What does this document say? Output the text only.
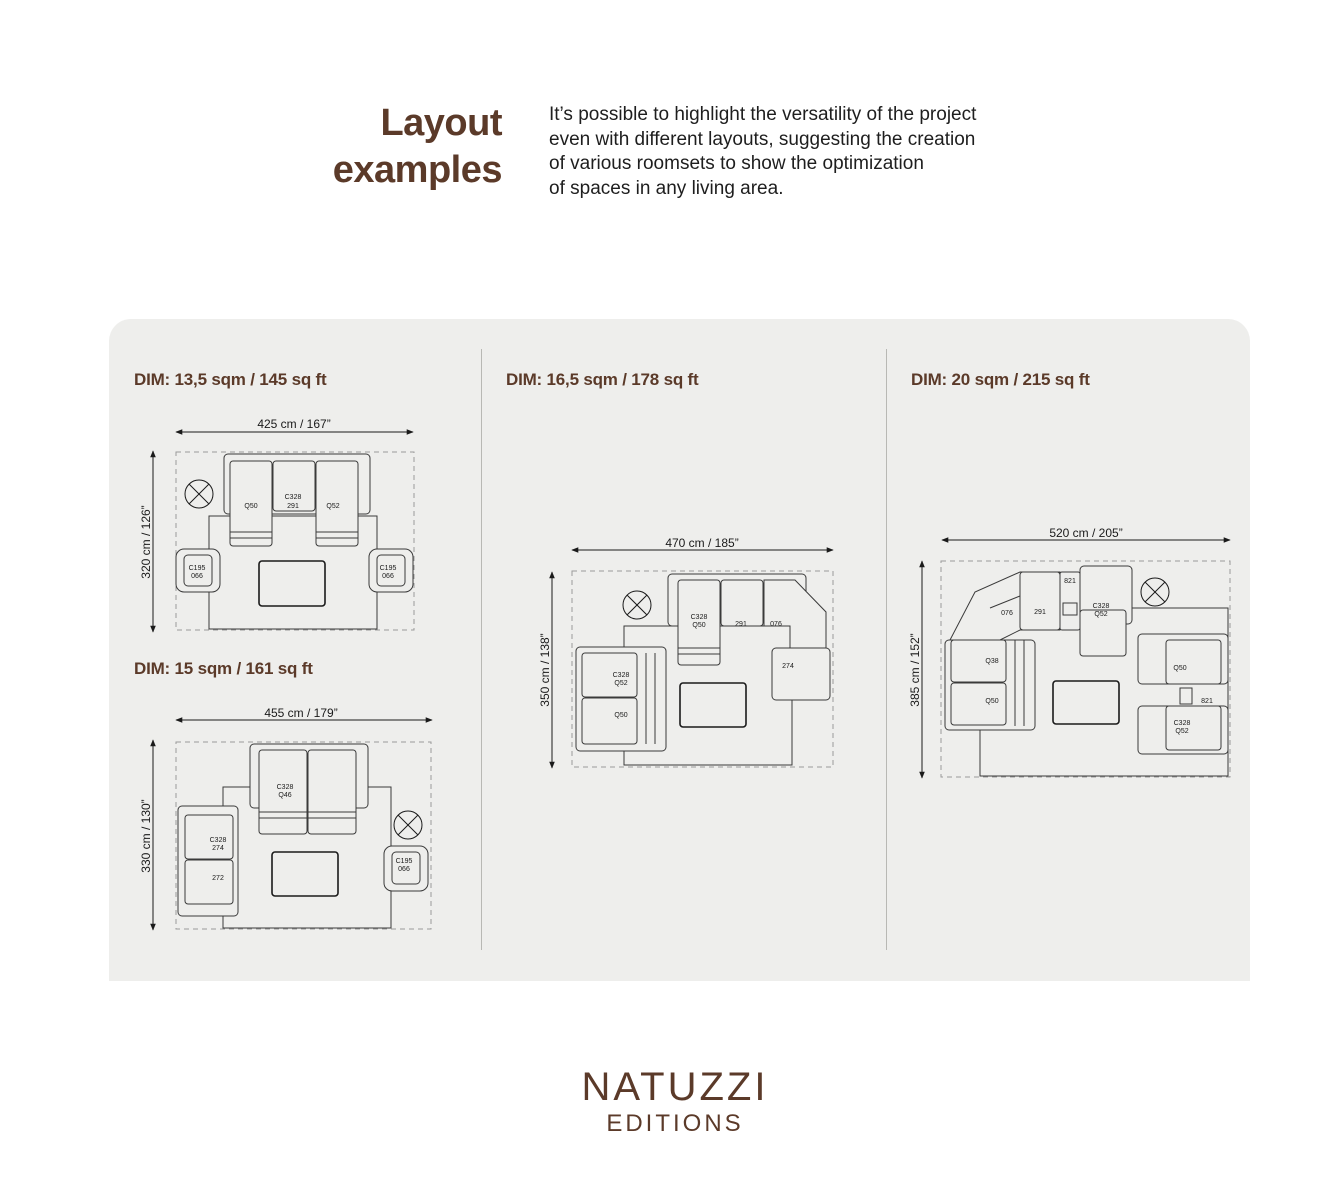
Layout
examples
It’s possible to highlight the versatility of the project
even with different layouts, suggesting the creation
of various roomsets to show the optimization
of spaces in any living area.
DIM: 13,5 sqm / 145 sq ft
DIM: 15 sqm / 161 sq ft
DIM: 16,5 sqm / 178 sq ft	DIM: 20 sqm / 215 sq ft
425 cm / 167”
320 cm / 126”	Q50
C328
291	Q52
C195
066
C195
066
455 cm / 179”
330 cm / 130”
C328
Q46
C328
274
272
C195
066
470 cm / 185”
350 cm / 138”
C328
Q50	291	076
274
C328
Q52
Q50
520 cm / 205”
385 cm / 152”
076	291
821
C328
Q52
Q38
Q50
Q50
821
C328
Q52
NATUZZI
EDITIONS
